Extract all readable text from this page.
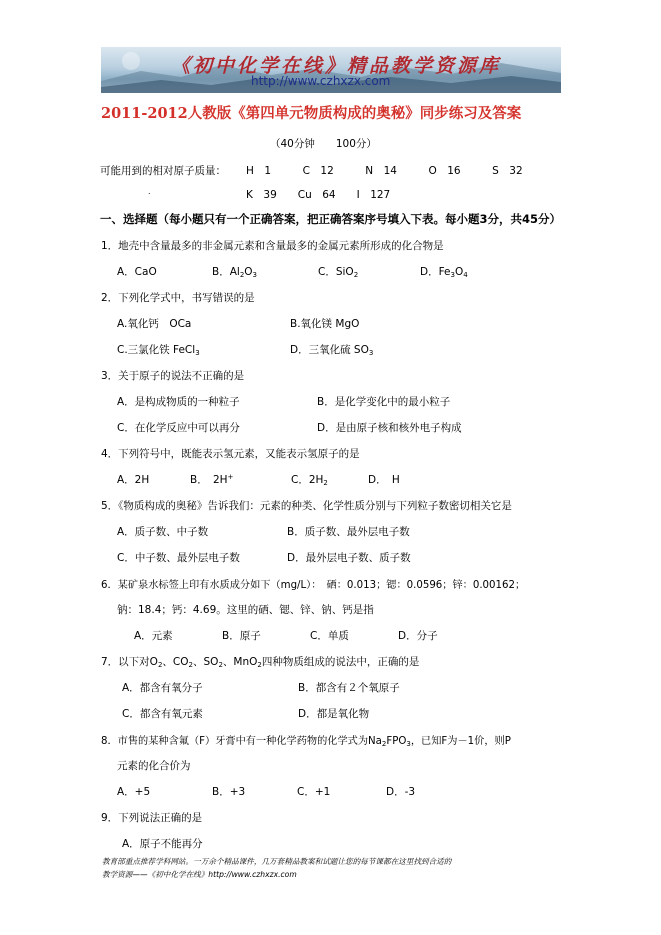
《初中化学在线》精品教学资源库
http://www.czhxzx.com
2011-2012人教版《第四单元物质构成的奥秘》同步练习及答案
（40分钟　　100分）
可能用到的相对原子质量： H　1　　　C　12　　　N　14　　　O　16　　　S　32
.	K　39　　Cu　64　　I　127
一、选择题（每小题只有一个正确答案，把正确答案序号填入下表。每小题3分，共45分）
1．地壳中含量最多的非金属元素和含量最多的金属元素所形成的化合物是
A．CaO	B．$Al_2O_3$	C．SiO$_2$	D．$Fe_3O_4$
2．下列化学式中，书写错误的是
A.氧化钙　OCa	B.氧化镁 MgO
C.三氯化铁 FeCl$_3$	D．三氧化硫 $SO_3$
3．关于原子的说法不正确的是
A．是构成物质的一种粒子	B．是化学变化中的最小粒子
C．在化学反应中可以再分	D．是由原子核和核外电子构成
4．下列符号中，既能表示氢元素，又能表示氢原子的是
A．2H	B．　2H+	C．$2H_2$	D．　H
5．《物质构成的奥秘》告诉我们：元素的种类、化学性质分别与下列粒子数密切相关它是
A．质子数、中子数	B．质子数、最外层电子数
C．中子数、最外层电子数	D．最外层电子数、质子数
6．某矿泉水标签上印有水质成分如下（mg/L）：　硒：0.013；锶：0.0596；锌：0.00162；
钠：18.4；钙：4.69。这里的硒、锶、锌、钠、钙是指
A．元素	B．原子	C．单质	D．分子
7．以下对$O_2$、$CO_2$、$SO_2$、MnO$_2$四种物质组成的说法中，正确的是
A．都含有氧分子	B．都含有２个氧原子
C．都含有氧元素	D．都是氧化物
8．市售的某种含氟（F）牙膏中有一种化学药物的化学式为$Na_2FPO_3$，已知F为－1价，则P
元素的化合价为
A．+5	B．+3	C．+1	D．-3
9．下列说法正确的是
A．原子不能再分
教育部重点推荐学科网站。一万余个精品课件，几万套精品教案和试题让您的每节课都在这里找到合适的
教学资源——《初中化学在线》http://www.czhxzx.com
